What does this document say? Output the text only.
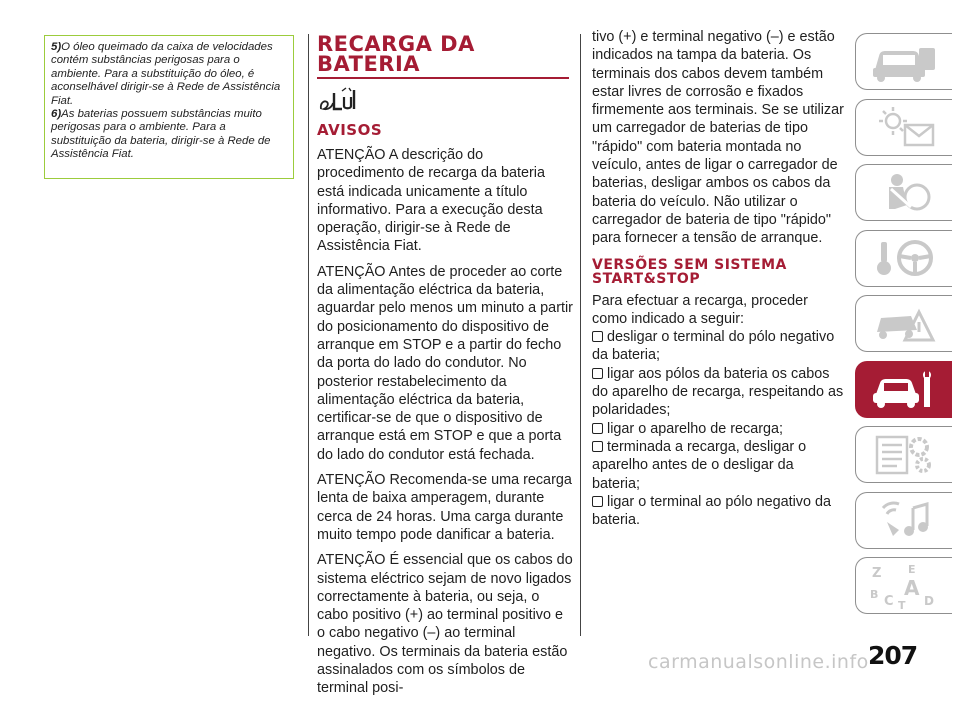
5)O óleo queimado da caixa de velocidades contém substâncias perigosas para o ambiente. Para a substituição do óleo, é aconselhável dirigir-se à Rede de Assistência Fiat.

6)As baterias possuem substâncias muito perigosas para o ambiente. Para a substituição da bateria, dirigir-se à Rede de Assistência Fiat.

RECARGA DA
BATERIA
AVISOS

ATENÇÃO A descrição do procedimento de recarga da bateria está indicada unicamente a título informativo. Para a execução desta operação, dirigir-se à Rede de Assistência Fiat.

ATENÇÃO Antes de proceder ao corte da alimentação eléctrica da bateria, aguardar pelo menos um minuto a partir do posicionamento do dispositivo de arranque em STOP e a partir do fecho da porta do lado do condutor. No posterior restabelecimento da alimentação eléctrica da bateria, certificar-se de que o dispositivo de arranque está em STOP e que a porta do lado do condutor está fechada.

ATENÇÃO Recomenda-se uma recarga lenta de baixa amperagem, durante cerca de 24 horas. Uma carga durante muito tempo pode danificar a bateria.

ATENÇÃO É essencial que os cabos do sistema eléctrico sejam de novo ligados correctamente à bateria, ou seja, o cabo positivo (+) ao terminal positivo e o cabo negativo (–) ao terminal negativo. Os terminais da bateria estão assinalados com os símbolos de terminal posi-

tivo (+) e terminal negativo (–) e estão indicados na tampa da bateria. Os terminais dos cabos devem também estar livres de corrosão e fixados firmemente aos terminais. Se se utilizar um carregador de baterias de tipo "rápido" com bateria montada no veículo, antes de ligar o carregador de baterias, desligar ambos os cabos da bateria do veículo. Não utilizar o carregador de bateria de tipo "rápido" para fornecer a tensão de arranque.

VERSÕES SEM SISTEMA
START&STOP
Para efectuar a recarga, proceder como indicado a seguir:
desligar o terminal do pólo negativo da bateria;
ligar aos pólos da bateria os cabos do aparelho de recarga, respeitando as polaridades;
ligar o aparelho de recarga;
terminada a recarga, desligar o aparelho antes de o desligar da bateria;
ligar o terminal ao pólo negativo da bateria.
Z E
B A
C T D
207
carmanualsonline.info
